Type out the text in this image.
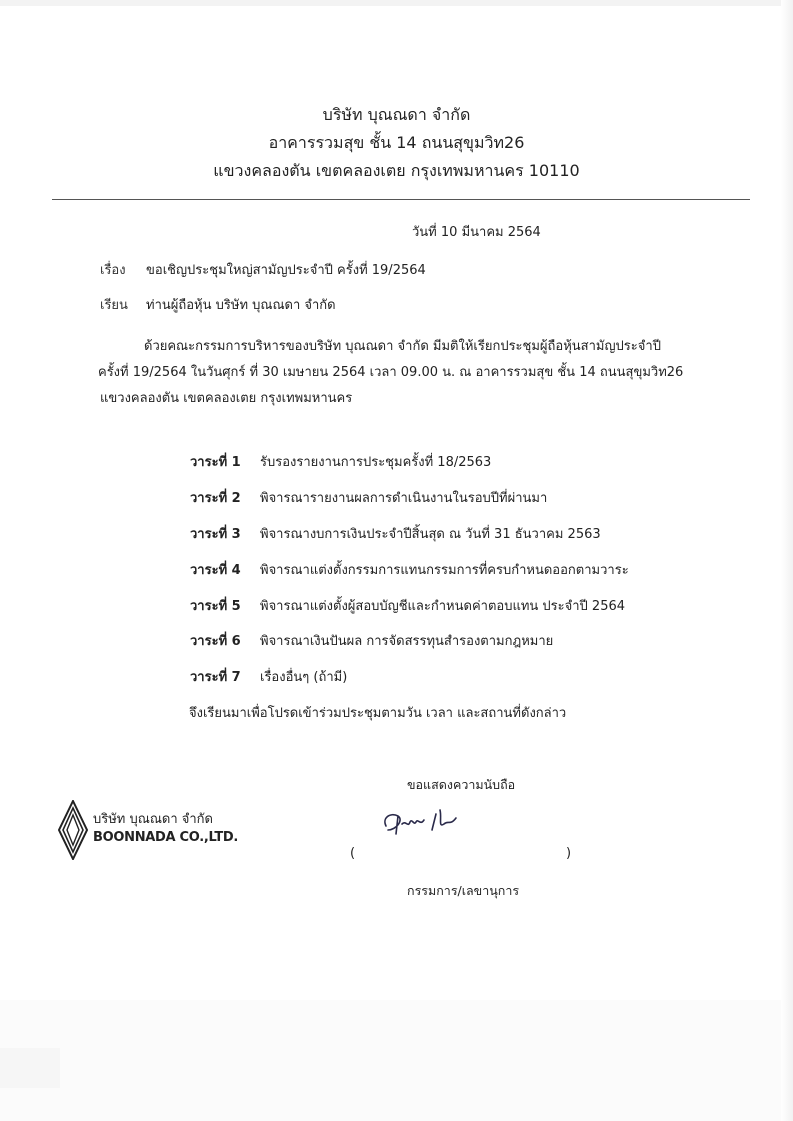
บริษัท บุณณดา จำกัด
อาคารรวมสุข ชั้น 14 ถนนสุขุมวิท26
แขวงคลองตัน เขตคลองเตย กรุงเทพมหานคร 10110
วันที่ 10 มีนาคม 2564
เรื่อง ขอเชิญประชุมใหญ่สามัญประจำปี ครั้งที่ 19/2564
เรียน ท่านผู้ถือหุ้น บริษัท บุณณดา จำกัด
ด้วยคณะกรรมการบริหารของบริษัท บุณณดา จำกัด มีมติให้เรียกประชุมผู้ถือหุ้นสามัญประจำปี
ครั้งที่ 19/2564 ในวันศุกร์ ที่ 30 เมษายน 2564 เวลา 09.00 น. ณ อาคารรวมสุข ชั้น 14 ถนนสุขุมวิท26
แขวงคลองตัน เขตคลองเตย กรุงเทพมหานคร
วาระที่ 1 รับรองรายงานการประชุมครั้งที่ 18/2563
วาระที่ 2 พิจารณารายงานผลการดำเนินงานในรอบปีที่ผ่านมา
วาระที่ 3 พิจารณางบการเงินประจำปีสิ้นสุด ณ วันที่ 31 ธันวาคม 2563
วาระที่ 4 พิจารณาแต่งตั้งกรรมการแทนกรรมการที่ครบกำหนดออกตามวาระ
วาระที่ 5 พิจารณาแต่งตั้งผู้สอบบัญชีและกำหนดค่าตอบแทน ประจำปี 2564
วาระที่ 6 พิจารณาเงินปันผล การจัดสรรทุนสำรองตามกฎหมาย
วาระที่ 7 เรื่องอื่นๆ (ถ้ามี)
จึงเรียนมาเพื่อโปรดเข้าร่วมประชุมตามวัน เวลา และสถานที่ดังกล่าว
ขอแสดงความนับถือ
(	)
กรรมการ/เลขานุการ
บริษัท บุณณดา จำกัด
BOONNADA CO.,LTD.
